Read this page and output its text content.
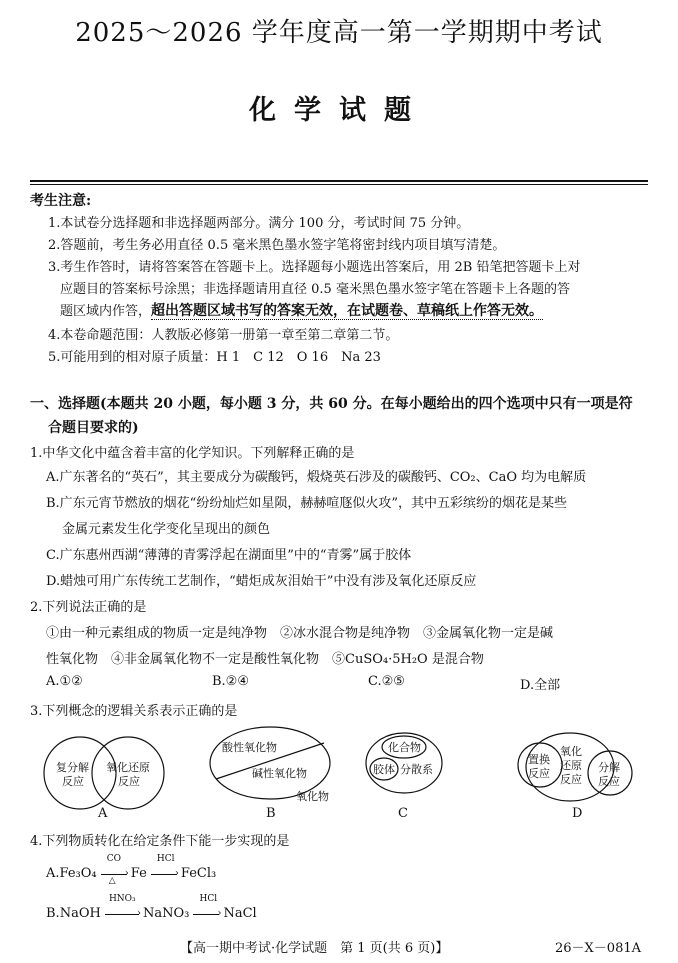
2025～2026 学年度高一第一学期期中考试
化学试题
考生注意:
1.本试卷分选择题和非选择题两部分。满分 100 分，考试时间 75 分钟。
2.答题前，考生务必用直径 0.5 毫米黑色墨水签字笔将密封线内项目填写清楚。
3.考生作答时，请将答案答在答题卡上。选择题每小题选出答案后，用 2B 铅笔把答题卡上对
应题目的答案标号涂黑；非选择题请用直径 0.5 毫米黑色墨水签字笔在答题卡上各题的答
题区域内作答，超出答题区域书写的答案无效，在试题卷、草稿纸上作答无效。
4.本卷命题范围：人教版必修第一册第一章至第二章第二节。
5.可能用到的相对原子质量：H 1　C 12　O 16　Na 23
一、选择题(本题共 20 小题，每小题 3 分，共 60 分。在每小题给出的四个选项中只有一项是符
合题目要求的)
1.中华文化中蕴含着丰富的化学知识。下列解释正确的是
A.广东著名的“英石”，其主要成分为碳酸钙，煅烧英石涉及的碳酸钙、CO₂、CaO 均为电解质
B.广东元宵节燃放的烟花“纷纷灿烂如星陨，赫赫喧豗似火攻”，其中五彩缤纷的烟花是某些
金属元素发生化学变化呈现出的颜色
C.广东惠州西湖“薄薄的青雾浮起在湖面里”中的“青雾”属于胶体
D.蜡烛可用广东传统工艺制作，“蜡炬成灰泪始干”中没有涉及氧化还原反应
2.下列说法正确的是
①由一种元素组成的物质一定是纯净物　②冰水混合物是纯净物　③金属氧化物一定是碱
性氧化物　④非金属氧化物不一定是酸性氧化物　⑤CuSO₄·5H₂O 是混合物
A.①②	B.②④	C.②⑤	D.全部
3.下列概念的逻辑关系表示正确的是
复分解
反应
氧化还原
反应
酸性氧化物
碱性氧化物
氧化物
化合物
胶体 分散系
置换
反应
氧化
还原
反应
分解
反应
A	B	C	D
4.下列物质转化在给定条件下能一步实现的是
A.Fe₃O₄
CO
›
△ Fe
HCl
› FeCl₃
B.NaOH
HNO₃
› NaNO₃
HCl
› NaCl
【高一期中考试·化学试题　第 1 页(共 6 页)】	26－X－081A
